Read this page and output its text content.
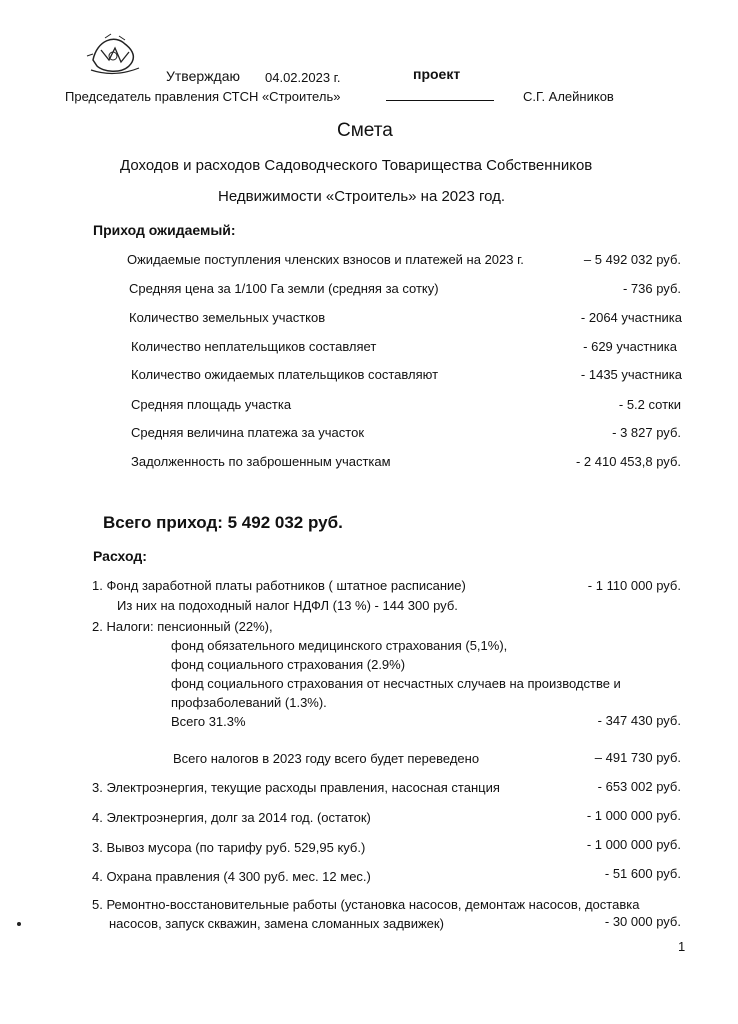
Утверждаю 04.02.2023 г.	проект
Председатель правления СТСН «Строитель»	С.Г. Алейников
Смета
Доходов и расходов Садоводческого Товарищества Собственников
Недвижимости «Строитель» на 2023 год.
Приход ожидаемый:
Ожидаемые поступления членских взносов и платежей на 2023 г.	– 5 492 032 руб.
Средняя цена за 1/100 Га земли (средняя за сотку)	- 736 руб.
Количество земельных участков	- 2064 участника
Количество неплательщиков составляет	- 629 участника
Количество ожидаемых плательщиков составляют	- 1435 участника
Средняя площадь участка	- 5.2 сотки
Средняя величина платежа за участок	- 3 827 руб.
Задолженность по заброшенным участкам	- 2 410 453,8 руб.
Всего приход: 5 492 032 руб.
Расход:
1. Фонд заработной платы работников ( штатное расписание)	- 1 110 000 руб.
Из них на подоходный налог НДФЛ (13 %) - 144 300 руб.
2. Налоги: пенсионный (22%),
фонд обязательного медицинского страхования (5,1%),
фонд социального страхования (2.9%)
фонд социального страхования от несчастных случаев на производстве и
профзаболеваний (1.3%).
Всего 31.3%	- 347 430 руб.
Всего налогов в 2023 году всего будет переведено	– 491 730 руб.
3. Электроэнергия, текущие расходы правления, насосная станция	- 653 002 руб.
4. Электроэнергия, долг за 2014 год. (остаток)	- 1 000 000 руб.
3. Вывоз мусора (по тарифу руб. 529,95 куб.)	- 1 000 000 руб.
4. Охрана правления (4 300 руб. мес. 12 мес.)	- 51 600 руб.
5. Ремонтно-восстановительные работы (установка насосов, демонтаж насосов, доставка
насосов, запуск скважин, замена сломанных задвижек)	- 30 000 руб.
1
